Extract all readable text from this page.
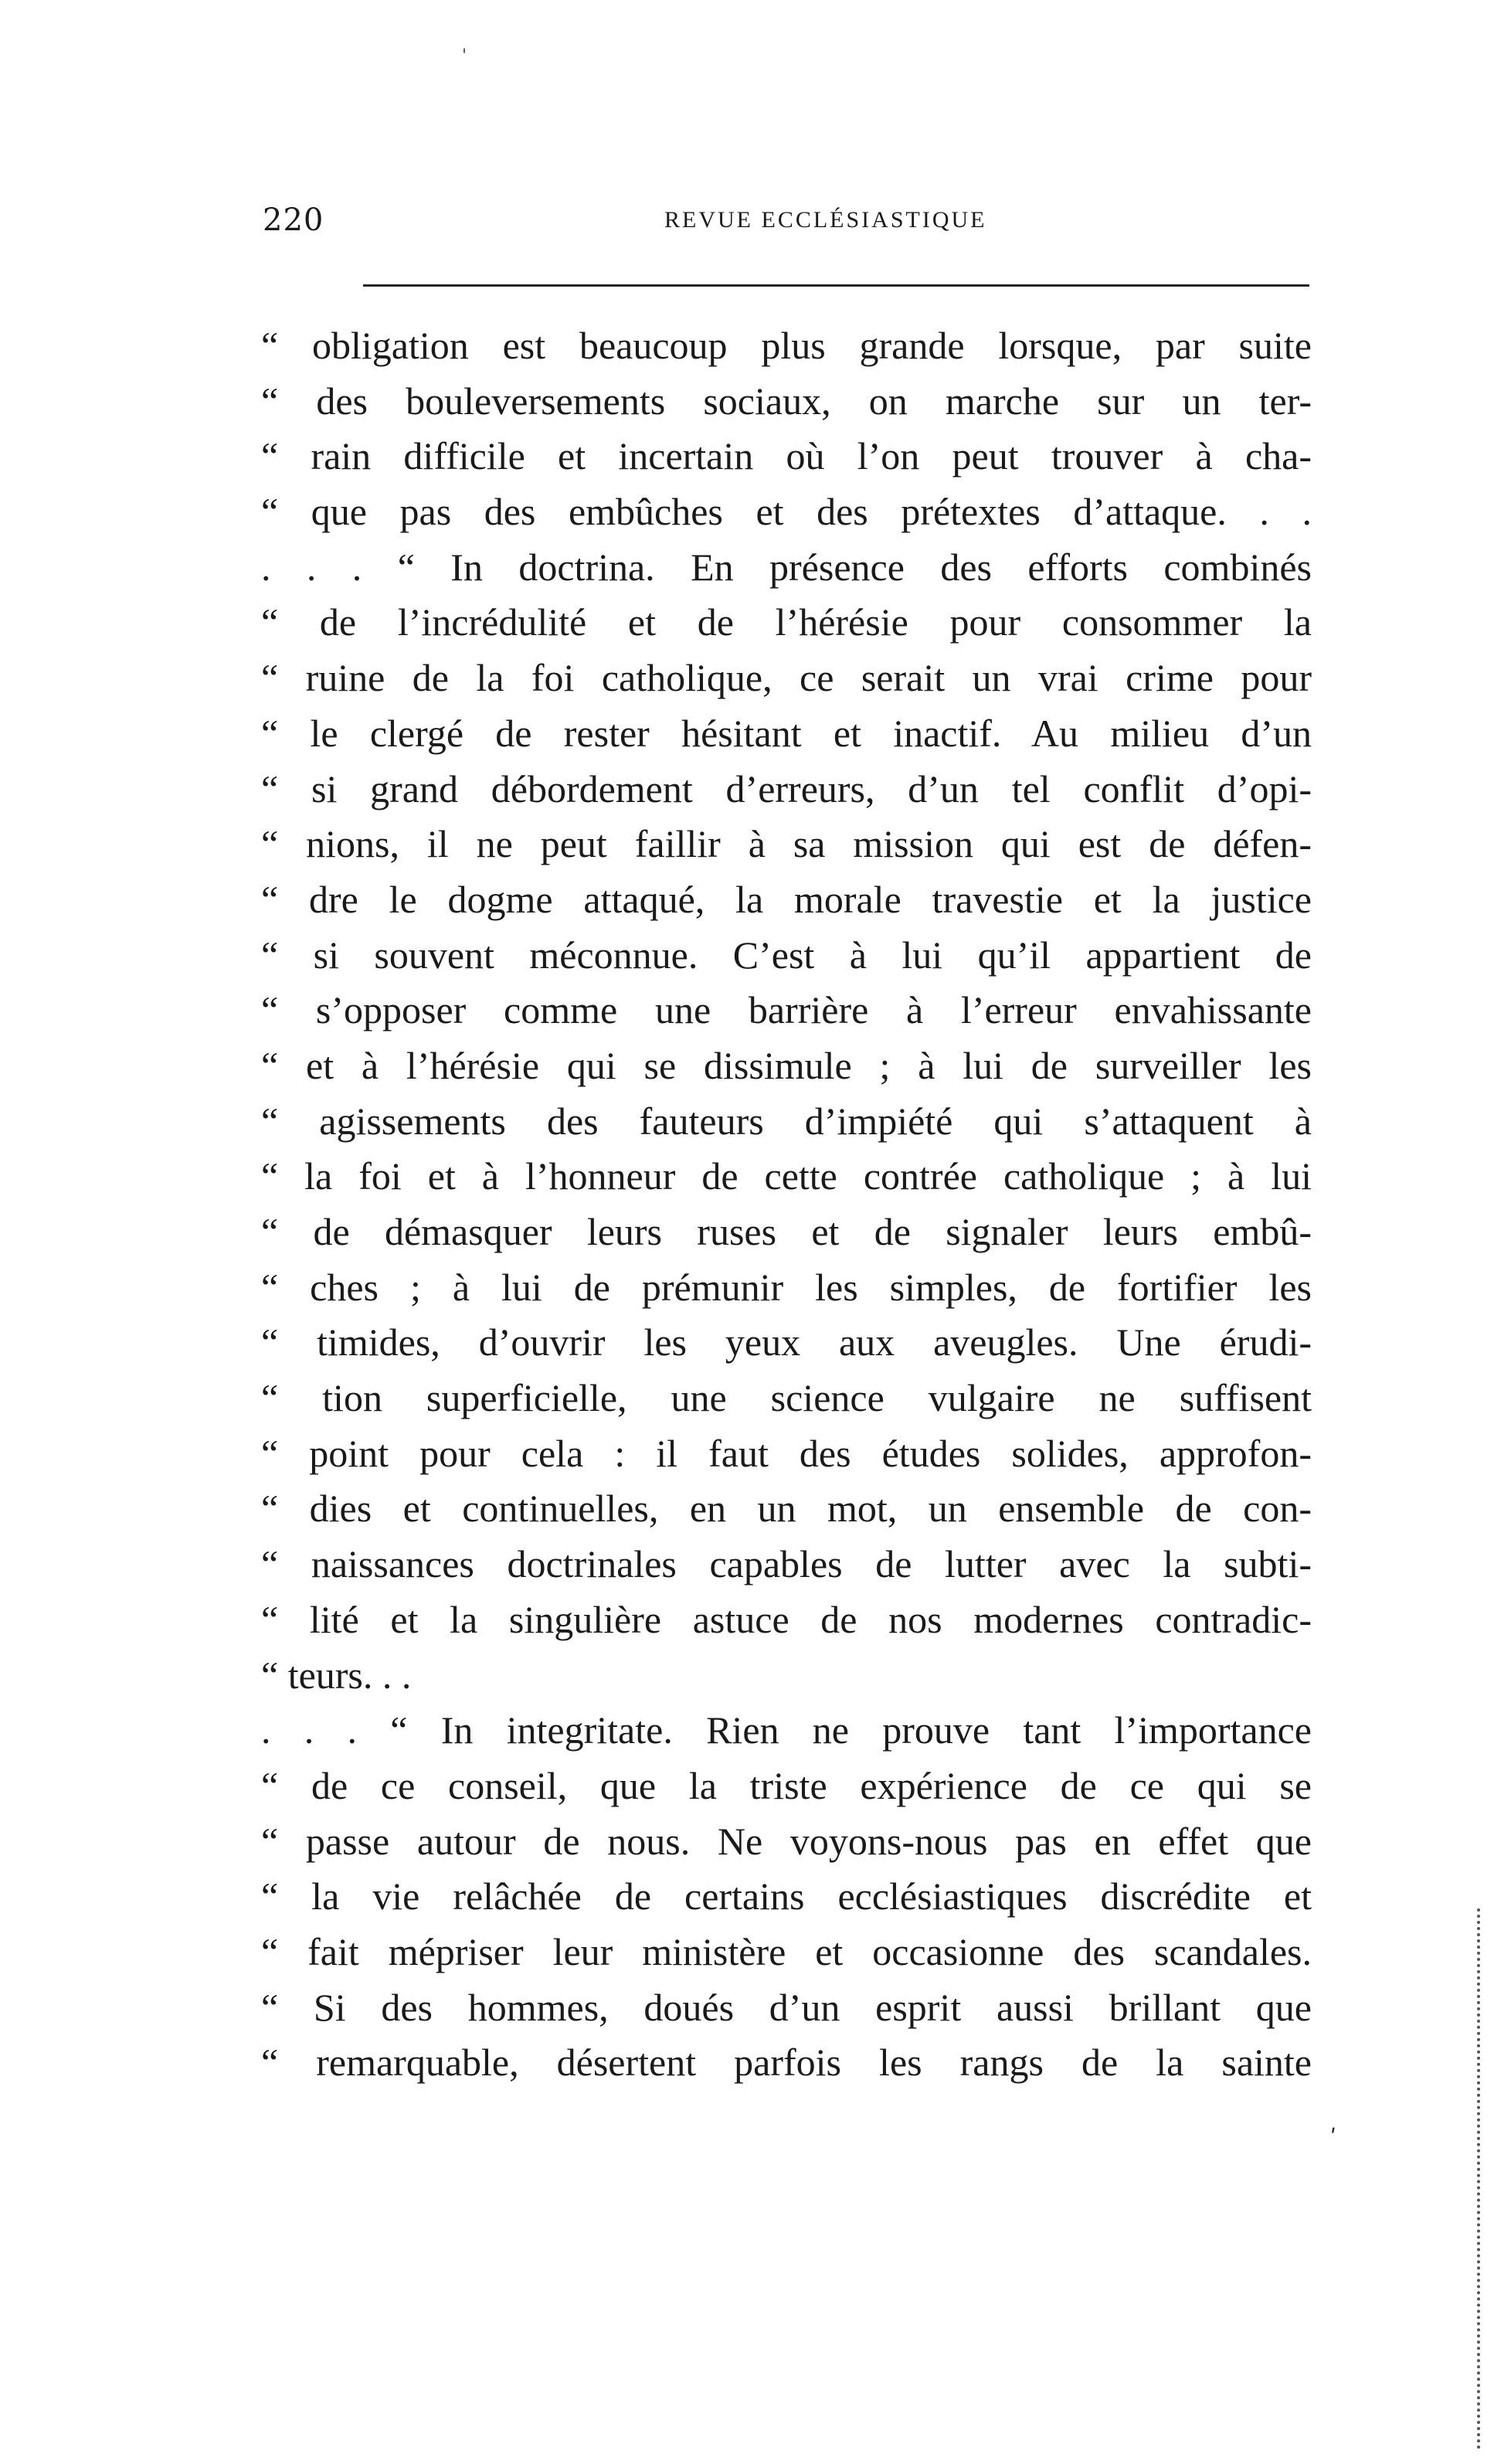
'
220	REVUE ECCLÉSIASTIQUE
“ obligation est beaucoup plus grande lorsque, par suite
“ des bouleversements sociaux, on marche sur un ter-
“ rain difficile et incertain où l’on peut trouver à cha-
“ que pas des embûches et des prétextes d’attaque. . .
. . . “ In doctrina. En présence des efforts combinés
“ de l’incrédulité et de l’hérésie pour consommer la
“ ruine de la foi catholique, ce serait un vrai crime pour
“ le clergé de rester hésitant et inactif. Au milieu d’un
“ si grand débordement d’erreurs, d’un tel conflit d’opi-
“ nions, il ne peut faillir à sa mission qui est de défen-
“ dre le dogme attaqué, la morale travestie et la justice
“ si souvent méconnue. C’est à lui qu’il appartient de
“ s’opposer comme une barrière à l’erreur envahissante
“ et à l’hérésie qui se dissimule ; à lui de surveiller les
“ agissements des fauteurs d’impiété qui s’attaquent à
“ la foi et à l’honneur de cette contrée catholique ; à lui
“ de démasquer leurs ruses et de signaler leurs embû-
“ ches ; à lui de prémunir les simples, de fortifier les
“ timides, d’ouvrir les yeux aux aveugles. Une érudi-
“ tion superficielle, une science vulgaire ne suffisent
“ point pour cela : il faut des études solides, approfon-
“ dies et continuelles, en un mot, un ensemble de con-
“ naissances doctrinales capables de lutter avec la subti-
“ lité et la singulière astuce de nos modernes contradic-
“ teurs. . .
. . . “ In integritate. Rien ne prouve tant l’importance
“ de ce conseil, que la triste expérience de ce qui se
“ passe autour de nous. Ne voyons-nous pas en effet que
“ la vie relâchée de certains ecclésiastiques discrédite et
“ fait mépriser leur ministère et occasionne des scandales.
“ Si des hommes, doués d’un esprit aussi brillant que
“ remarquable, désertent parfois les rangs de la sainte
ʹ
